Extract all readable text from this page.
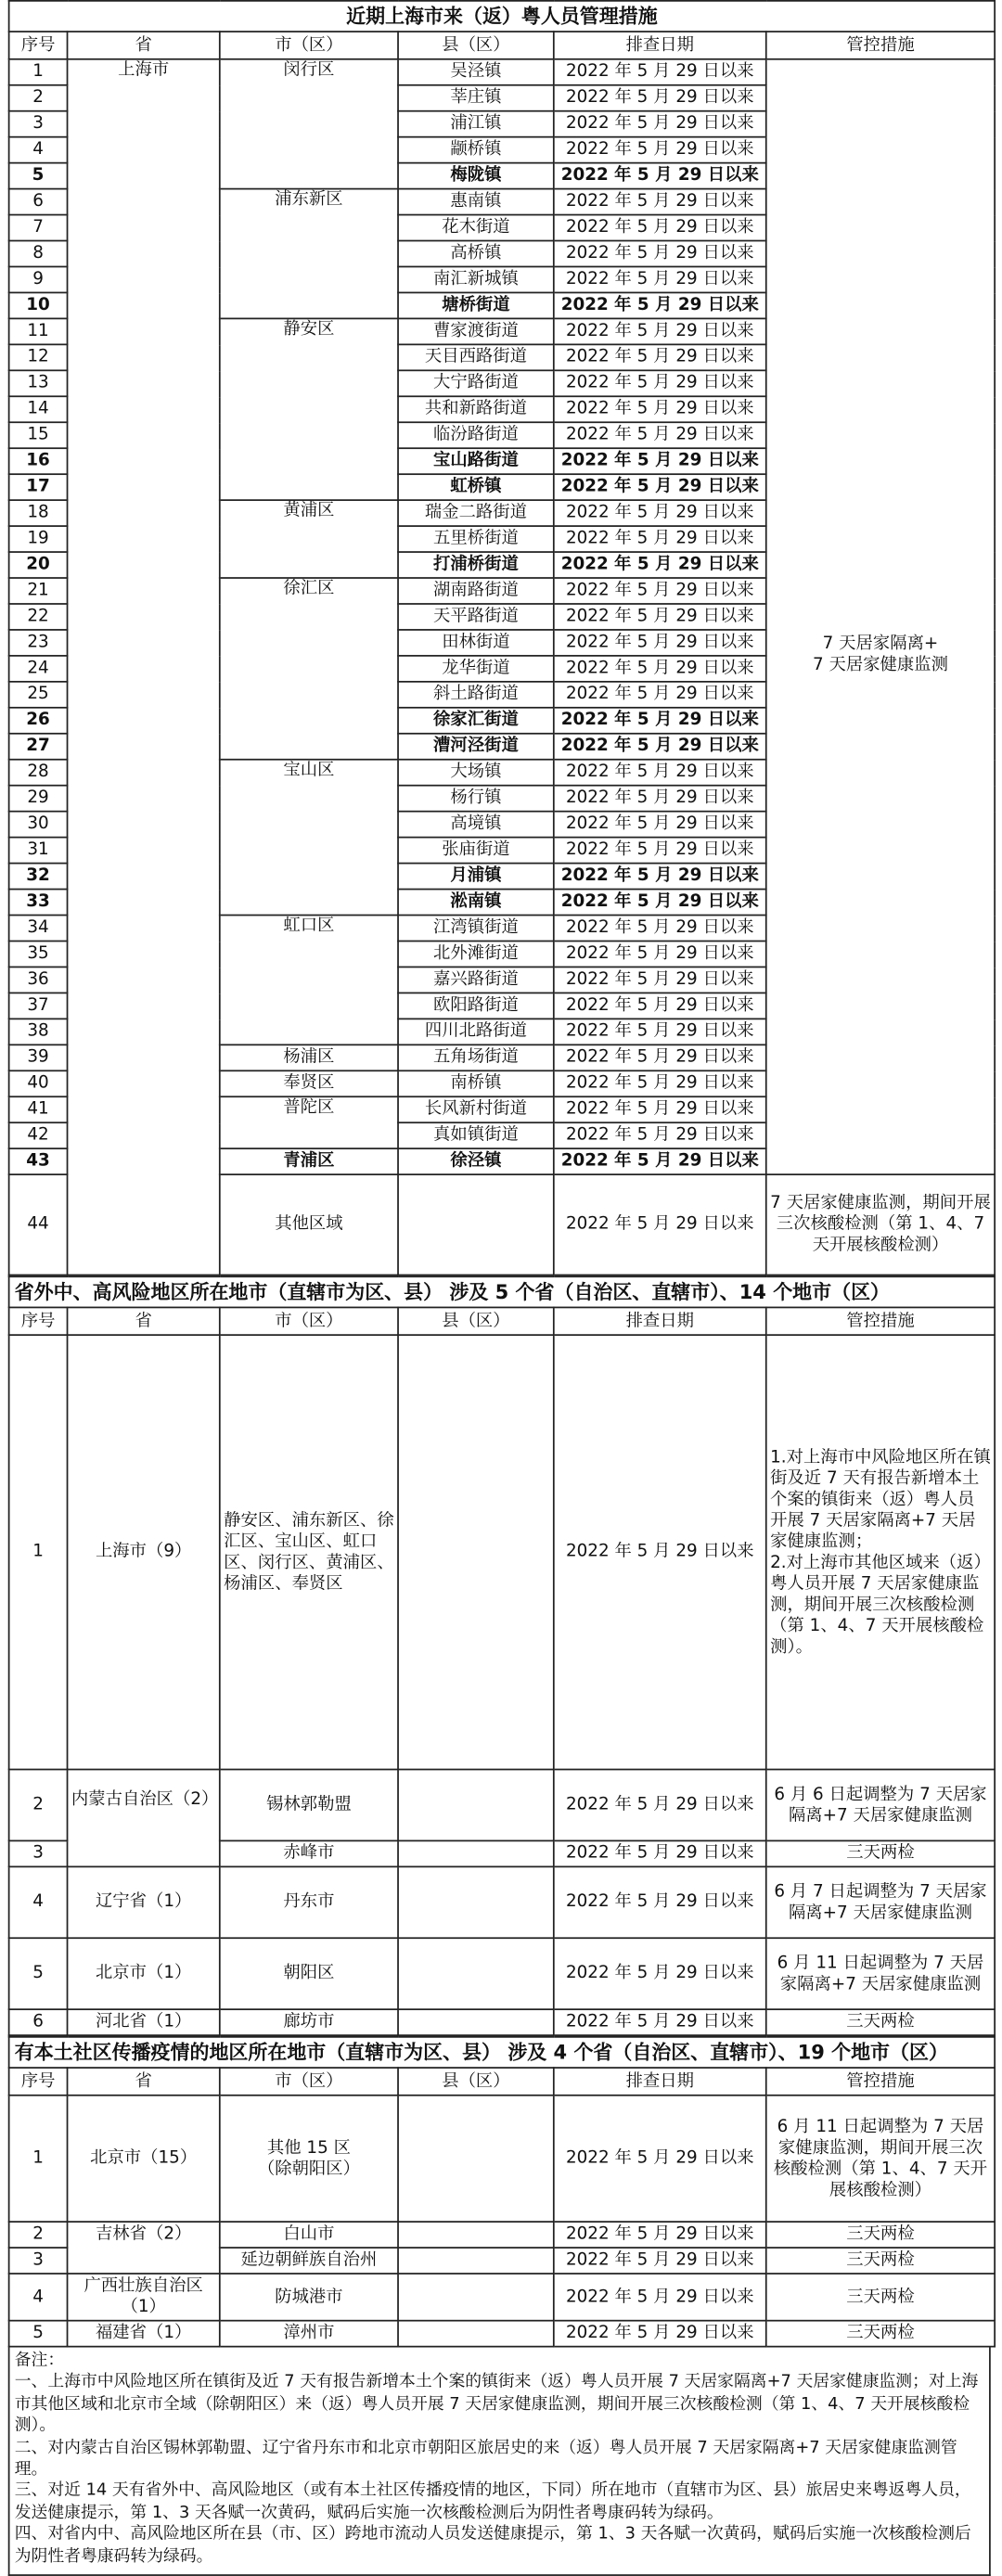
近期上海市来（返）粤人员管理措施					
序号	省	市（区）	县（区）	排查日期	管控措施
1	上海市	闵行区	吴泾镇	2022 年 5 月 29 日以来	
2			莘庄镇	2022 年 5 月 29 日以来	
3			浦江镇	2022 年 5 月 29 日以来	
4			颛桥镇	2022 年 5 月 29 日以来	7 天居家隔离+
7 天居家健康监测
5			梅陇镇	2022 年 5 月 29 日以来	
6		浦东新区	惠南镇	2022 年 5 月 29 日以来	
7			花木街道	2022 年 5 月 29 日以来	
8			高桥镇	2022 年 5 月 29 日以来	
9			南汇新城镇	2022 年 5 月 29 日以来	
10			塘桥街道	2022 年 5 月 29 日以来	
11		静安区	曹家渡街道	2022 年 5 月 29 日以来	
12			天目西路街道	2022 年 5 月 29 日以来	
13			大宁路街道	2022 年 5 月 29 日以来	
14			共和新路街道	2022 年 5 月 29 日以来	
15			临汾路街道	2022 年 5 月 29 日以来	
16			宝山路街道	2022 年 5 月 29 日以来	
17			虹桥镇	2022 年 5 月 29 日以来	
18		黄浦区	瑞金二路街道	2022 年 5 月 29 日以来	
19			五里桥街道	2022 年 5 月 29 日以来	
20			打浦桥街道	2022 年 5 月 29 日以来	
21		徐汇区	湖南路街道	2022 年 5 月 29 日以来	
22			天平路街道	2022 年 5 月 29 日以来	
23			田林街道	2022 年 5 月 29 日以来	
24			龙华街道	2022 年 5 月 29 日以来	
25			斜土路街道	2022 年 5 月 29 日以来	
26			徐家汇街道	2022 年 5 月 29 日以来	
27			漕河泾街道	2022 年 5 月 29 日以来	
28		宝山区	大场镇	2022 年 5 月 29 日以来	
29			杨行镇	2022 年 5 月 29 日以来	
30			高境镇	2022 年 5 月 29 日以来	
31			张庙街道	2022 年 5 月 29 日以来	
32			月浦镇	2022 年 5 月 29 日以来	
33			淞南镇	2022 年 5 月 29 日以来	
34		虹口区	江湾镇街道	2022 年 5 月 29 日以来	
35			北外滩街道	2022 年 5 月 29 日以来	
36			嘉兴路街道	2022 年 5 月 29 日以来	
37			欧阳路街道	2022 年 5 月 29 日以来	
38			四川北路街道	2022 年 5 月 29 日以来	
39		杨浦区	五角场街道	2022 年 5 月 29 日以来	
40		奉贤区	南桥镇	2022 年 5 月 29 日以来	
41		普陀区	长风新村街道	2022 年 5 月 29 日以来	
42			真如镇街道	2022 年 5 月 29 日以来	
43		青浦区	徐泾镇	2022 年 5 月 29 日以来	
44		其他区域		2022 年 5 月 29 日以来	7 天居家健康监测，期间开展三次核酸检测（第 1、4、7 天开展核酸检测）
省外中、高风险地区所在地市（直辖市为区、县） 涉及 5 个省（自治区、直辖市）、14 个地市（区）					
序号	省	市（区）	县（区）	排查日期	管控措施
1	上海市（9）	静安区、浦东新区、徐汇区、宝山区、虹口区、闵行区、黄浦区、杨浦区、奉贤区		2022 年 5 月 29 日以来	1.对上海市中风险地区所在镇街及近 7 天有报告新增本土个案的镇街来（返）粤人员开展 7 天居家隔离+7 天居家健康监测；
2.对上海市其他区域来（返）粤人员开展 7 天居家健康监测，期间开展三次核酸检测（第 1、4、7 天开展核酸检测）。
2	内蒙古自治区（2）	锡林郭勒盟		2022 年 5 月 29 日以来	6 月 6 日起调整为 7 天居家隔离+7 天居家健康监测
3		赤峰市		2022 年 5 月 29 日以来	三天两检
4	辽宁省（1）	丹东市		2022 年 5 月 29 日以来	6 月 7 日起调整为 7 天居家隔离+7 天居家健康监测
5	北京市（1）	朝阳区		2022 年 5 月 29 日以来	6 月 11 日起调整为 7 天居家隔离+7 天居家健康监测
6	河北省（1）	廊坊市		2022 年 5 月 29 日以来	三天两检
有本土社区传播疫情的地区所在地市（直辖市为区、县） 涉及 4 个省（自治区、直辖市）、19 个地市（区）					
序号	省	市（区）	县（区）	排查日期	管控措施
1	北京市（15）	其他 15 区
（除朝阳区）		2022 年 5 月 29 日以来	6 月 11 日起调整为 7 天居家健康监测，期间开展三次核酸检测（第 1、4、7 天开展核酸检测）
2	吉林省（2）	白山市		2022 年 5 月 29 日以来	三天两检
3		延边朝鲜族自治州		2022 年 5 月 29 日以来	三天两检
4	广西壮族自治区（1）	防城港市		2022 年 5 月 29 日以来	三天两检
5	福建省（1）	漳州市		2022 年 5 月 29 日以来	三天两检

备注：

一、上海市中风险地区所在镇街及近 7 天有报告新增本土个案的镇街来（返）粤人员开展 7 天居家隔离+7 天居家健康监测；对上海市其他区域和北京市全域（除朝阳区）来（返）粤人员开展 7 天居家健康监测，期间开展三次核酸检测（第 1、4、7 天开展核酸检测）。

二、对内蒙古自治区锡林郭勒盟、辽宁省丹东市和北京市朝阳区旅居史的来（返）粤人员开展 7 天居家隔离+7 天居家健康监测管理。

三、对近 14 天有省外中、高风险地区（或有本土社区传播疫情的地区，下同）所在地市（直辖市为区、县）旅居史来粤返粤人员，发送健康提示，第 1、3 天各赋一次黄码，赋码后实施一次核酸检测后为阴性者粤康码转为绿码。

四、对省内中、高风险地区所在县（市、区）跨地市流动人员发送健康提示，第 1、3 天各赋一次黄码，赋码后实施一次核酸检测后为阴性者粤康码转为绿码。
